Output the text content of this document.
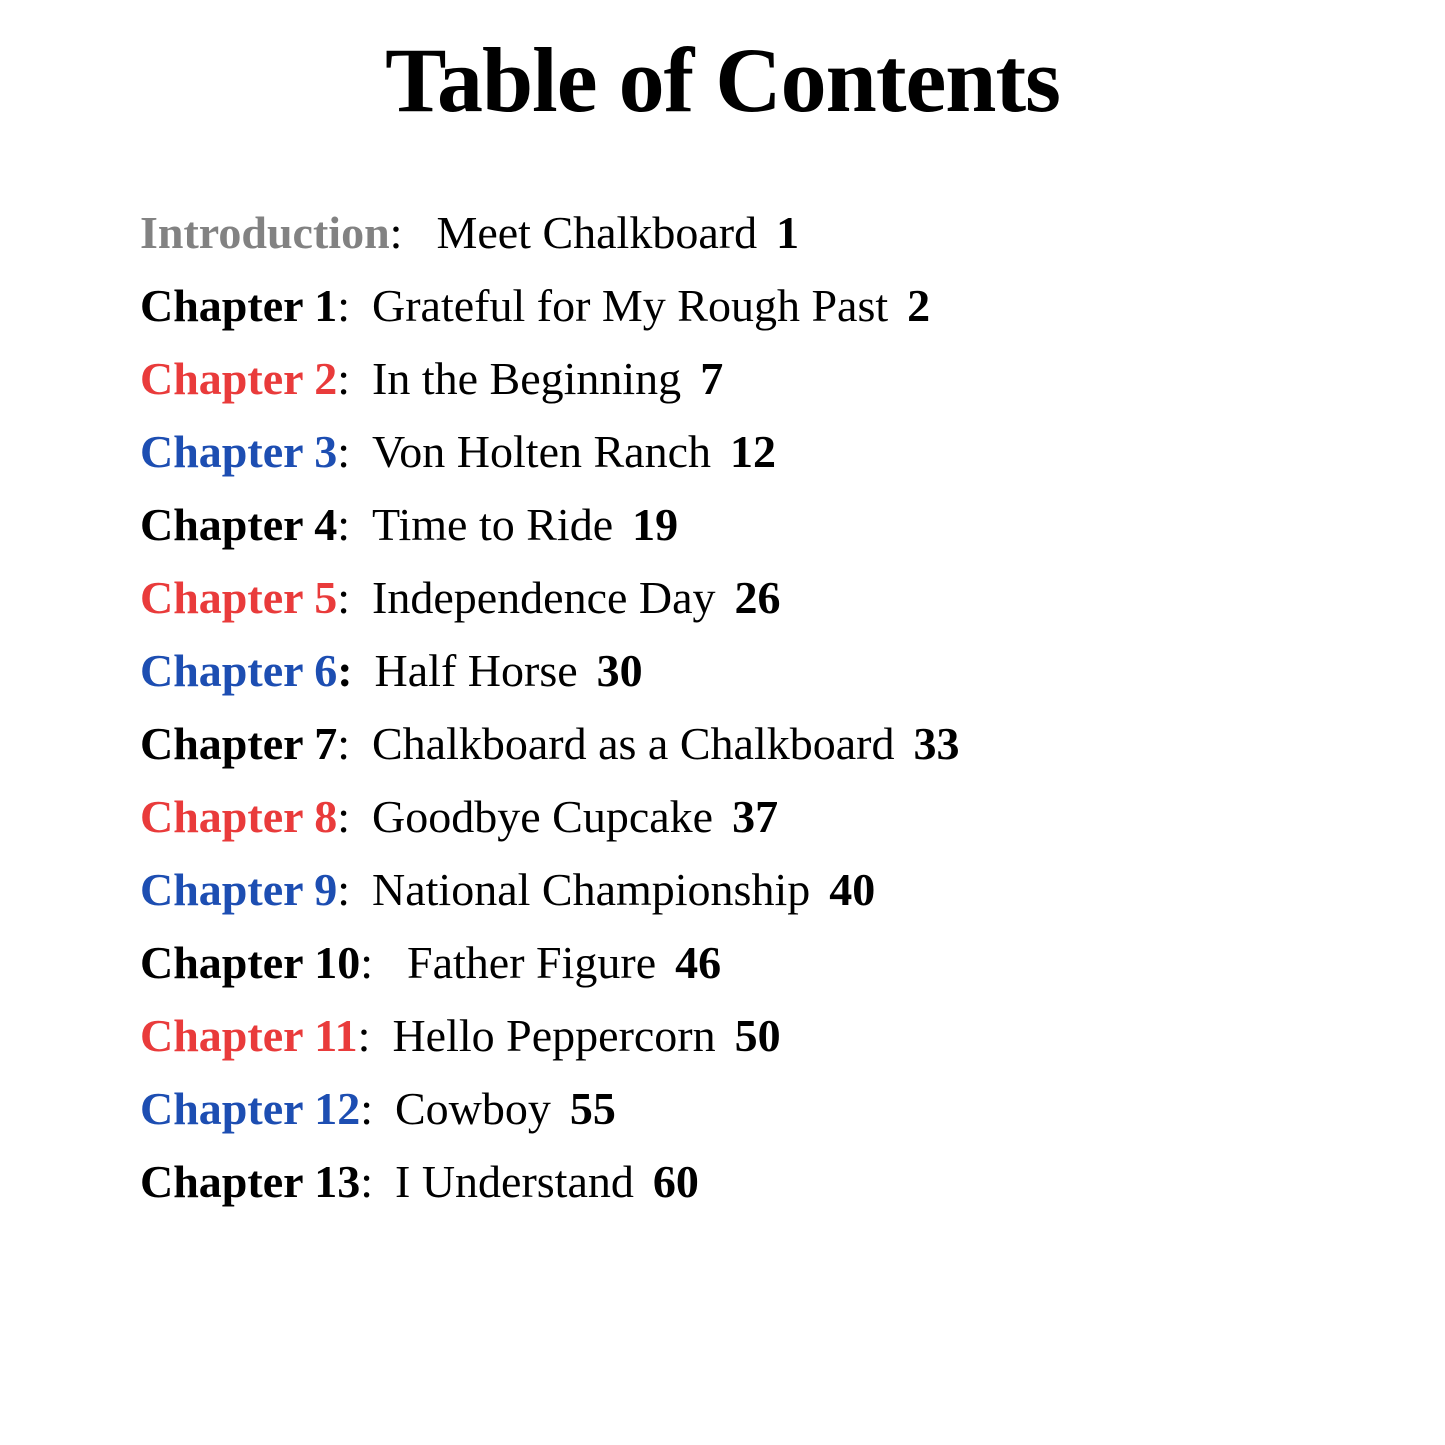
Table of Contents
Introduction: Meet Chalkboard 1
Chapter 1: Grateful for My Rough Past 2
Chapter 2: In the Beginning 7
Chapter 3: Von Holten Ranch 12
Chapter 4: Time to Ride 19
Chapter 5: Independence Day 26
Chapter 6: Half Horse 30
Chapter 7: Chalkboard as a Chalkboard 33
Chapter 8: Goodbye Cupcake 37
Chapter 9: National Championship 40
Chapter 10: Father Figure 46
Chapter 11: Hello Peppercorn 50
Chapter 12: Cowboy 55
Chapter 13: I Understand 60
